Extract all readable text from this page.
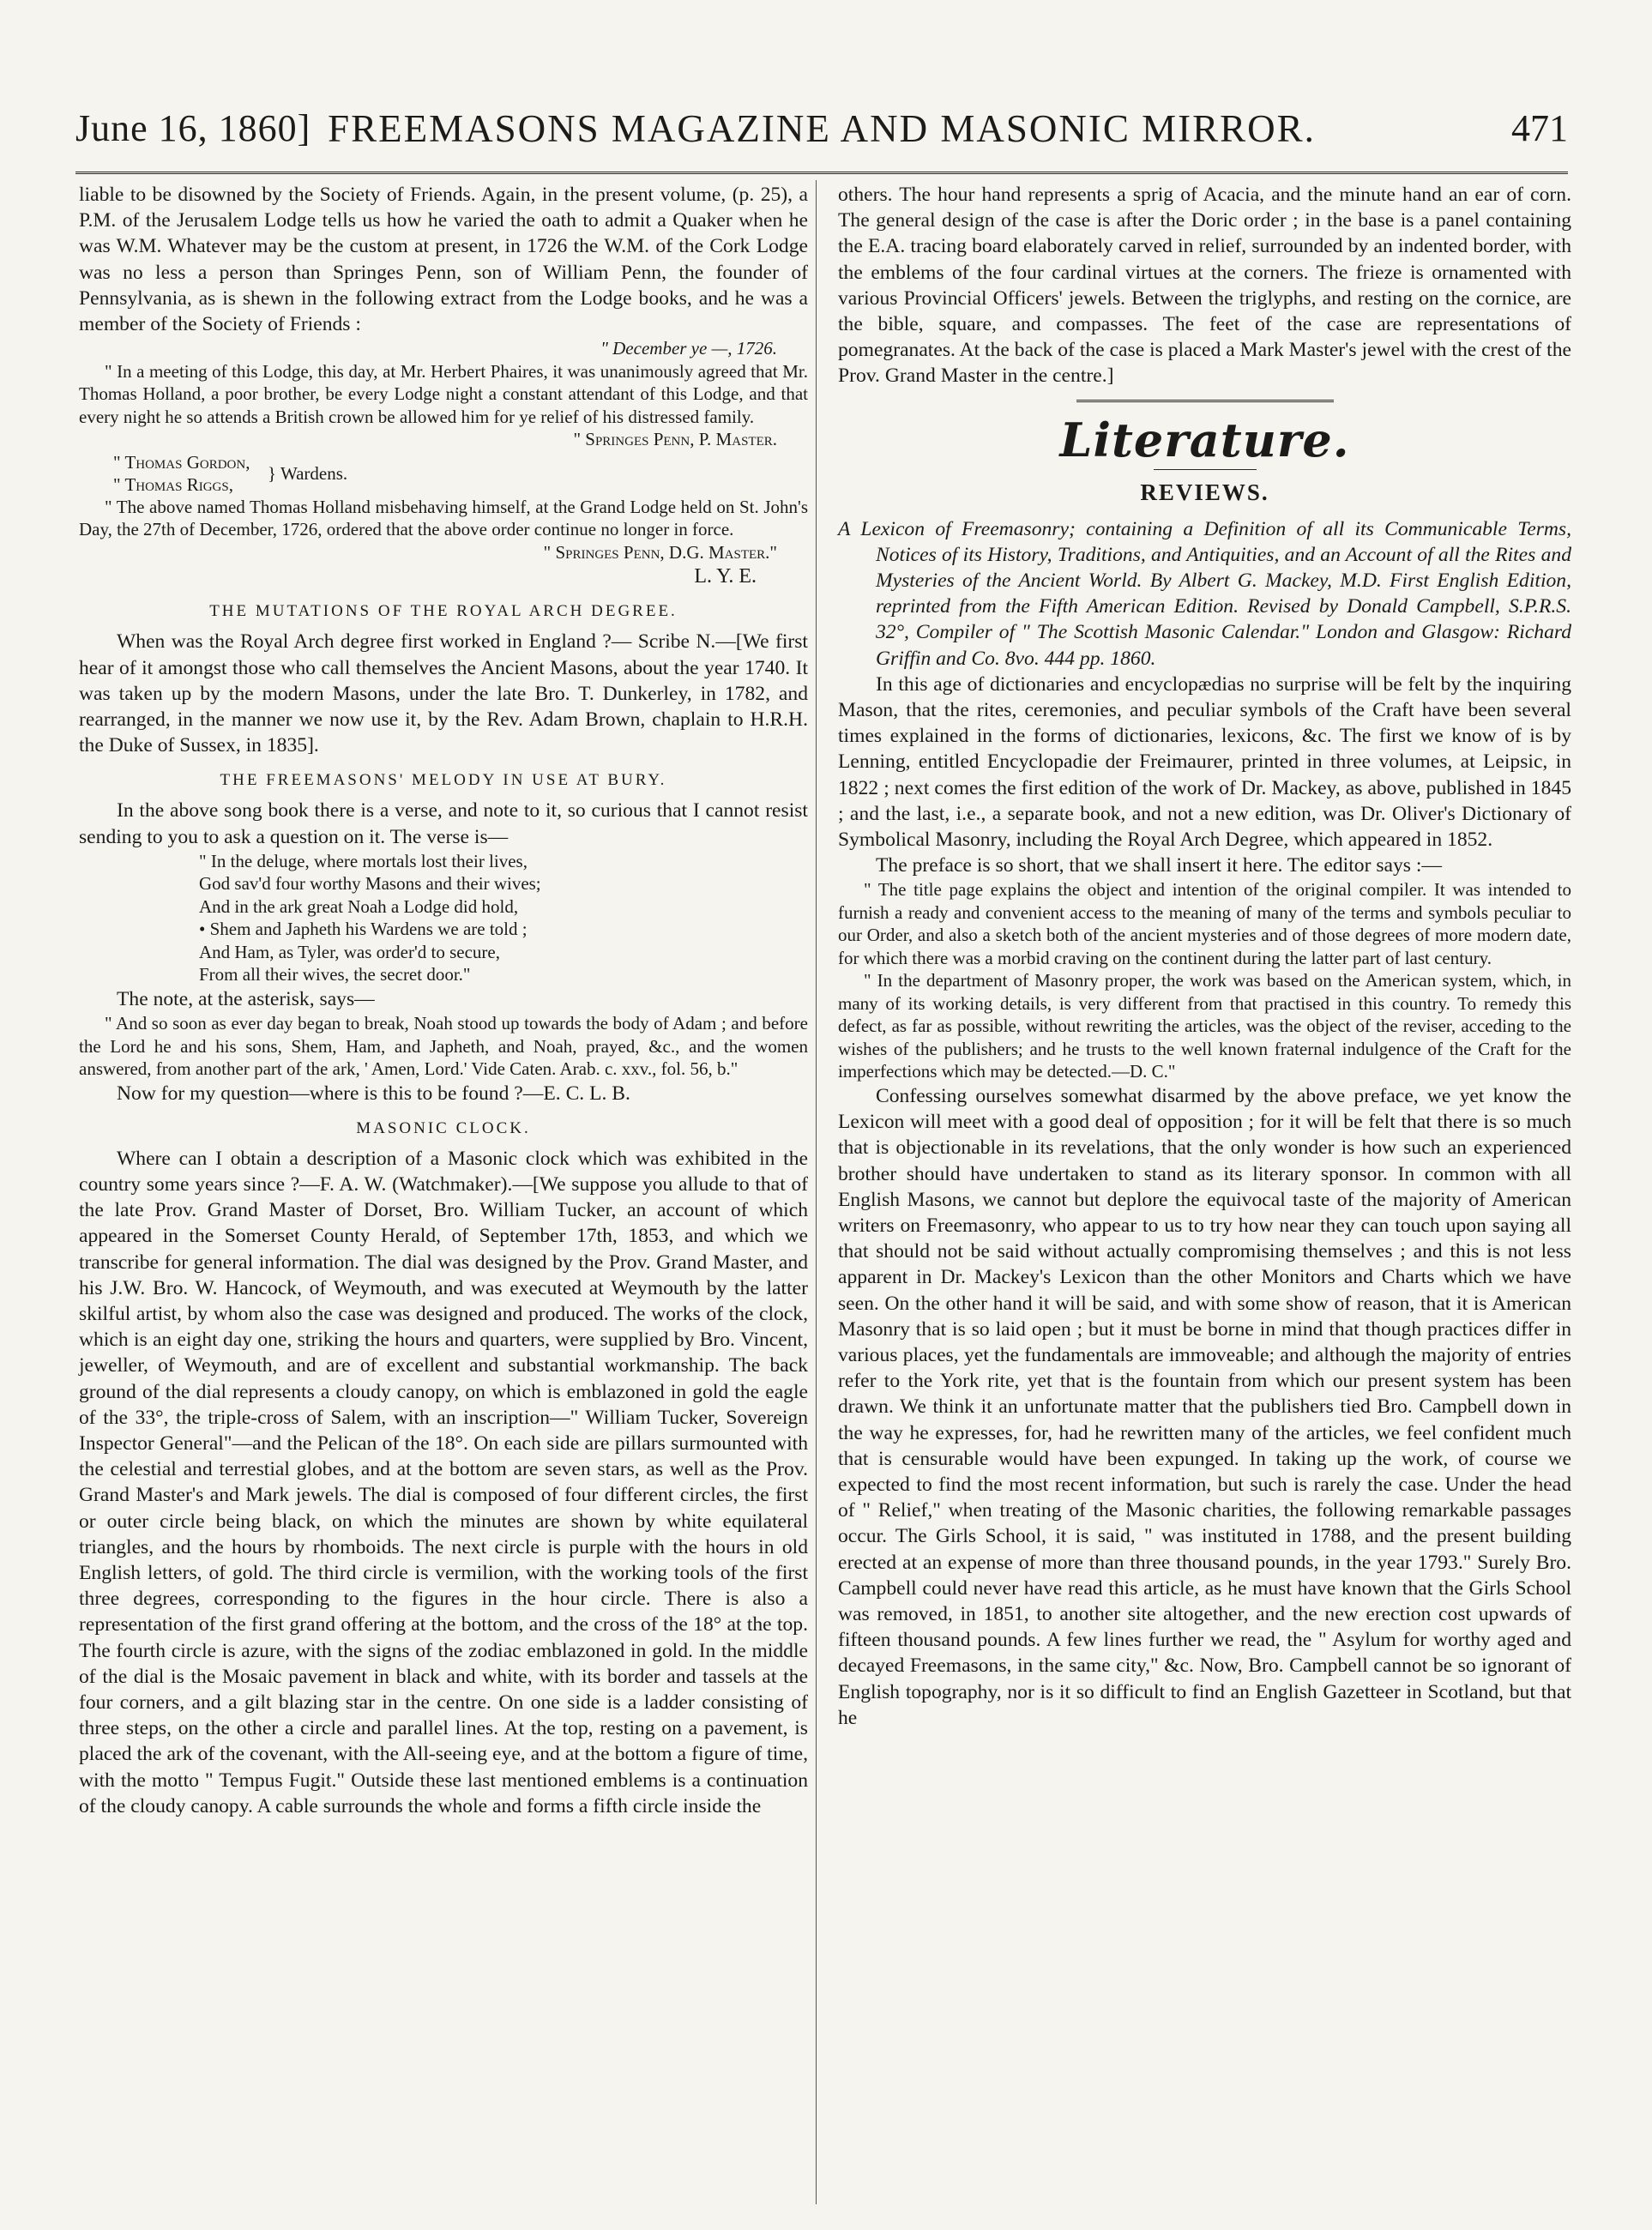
June 16, 1860] FREEMASONS MAGAZINE AND MASONIC MIRROR.	471

liable to be disowned by the Society of Friends. Again, in the present volume, (p. 25), a P.M. of the Jerusalem Lodge tells us how he varied the oath to admit a Quaker when he was W.M. Whatever may be the custom at present, in 1726 the W.M. of the Cork Lodge was no less a person than Springes Penn, son of William Penn, the founder of Pennsylvania, as is shewn in the following extract from the Lodge books, and he was a member of the Society of Friends :

" December ye —, 1726.

" In a meeting of this Lodge, this day, at Mr. Herbert Phaires, it was unanimously agreed that Mr. Thomas Holland, a poor brother, be every Lodge night a constant attendant of this Lodge, and that every night he so attends a British crown be allowed him for ye relief of his distressed family.

" Springes Penn, P. Master.

" Thomas Gordon,
" Thomas Riggs,
} Wardens.

" The above named Thomas Holland misbehaving himself, at the Grand Lodge held on St. John's Day, the 27th of December, 1726, ordered that the above order continue no longer in force.

" Springes Penn, D.G. Master."

L. Y. E.

THE MUTATIONS OF THE ROYAL ARCH DEGREE.

When was the Royal Arch degree first worked in England ?— Scribe N.—[We first hear of it amongst those who call themselves the Ancient Masons, about the year 1740. It was taken up by the modern Masons, under the late Bro. T. Dunkerley, in 1782, and rearranged, in the manner we now use it, by the Rev. Adam Brown, chaplain to H.R.H. the Duke of Sussex, in 1835].

THE FREEMASONS' MELODY IN USE AT BURY.

In the above song book there is a verse, and note to it, so curious that I cannot resist sending to you to ask a question on it. The verse is—

" In the deluge, where mortals lost their lives,
God sav'd four worthy Masons and their wives;
And in the ark great Noah a Lodge did hold,
• Shem and Japheth his Wardens we are told ;
And Ham, as Tyler, was order'd to secure,
From all their wives, the secret door."

The note, at the asterisk, says—

" And so soon as ever day began to break, Noah stood up towards the body of Adam ; and before the Lord he and his sons, Shem, Ham, and Japheth, and Noah, prayed, &c., and the women answered, from another part of the ark, ' Amen, Lord.' Vide Caten. Arab. c. xxv., fol. 56, b."

Now for my question—where is this to be found ?—E. C. L. B.

MASONIC CLOCK.

Where can I obtain a description of a Masonic clock which was exhibited in the country some years since ?—F. A. W. (Watchmaker).—[We suppose you allude to that of the late Prov. Grand Master of Dorset, Bro. William Tucker, an account of which appeared in the Somerset County Herald, of September 17th, 1853, and which we transcribe for general information. The dial was designed by the Prov. Grand Master, and his J.W. Bro. W. Hancock, of Weymouth, and was executed at Weymouth by the latter skilful artist, by whom also the case was designed and produced. The works of the clock, which is an eight day one, striking the hours and quarters, were supplied by Bro. Vincent, jeweller, of Weymouth, and are of excellent and substantial workmanship. The back ground of the dial represents a cloudy canopy, on which is emblazoned in gold the eagle of the 33°, the triple-cross of Salem, with an inscription—" William Tucker, Sovereign Inspector General"—and the Pelican of the 18°. On each side are pillars surmounted with the celestial and terrestial globes, and at the bottom are seven stars, as well as the Prov. Grand Master's and Mark jewels. The dial is composed of four different circles, the first or outer circle being black, on which the minutes are shown by white equilateral triangles, and the hours by rhomboids. The next circle is purple with the hours in old English letters, of gold. The third circle is vermilion, with the working tools of the first three degrees, corresponding to the figures in the hour circle. There is also a representation of the first grand offering at the bottom, and the cross of the 18° at the top. The fourth circle is azure, with the signs of the zodiac emblazoned in gold. In the middle of the dial is the Mosaic pavement in black and white, with its border and tassels at the four corners, and a gilt blazing star in the centre. On one side is a ladder consisting of three steps, on the other a circle and parallel lines. At the top, resting on a pavement, is placed the ark of the covenant, with the All-seeing eye, and at the bottom a figure of time, with the motto " Tempus Fugit." Outside these last mentioned emblems is a continuation of the cloudy canopy. A cable surrounds the whole and forms a fifth circle inside the

others. The hour hand represents a sprig of Acacia, and the minute hand an ear of corn. The general design of the case is after the Doric order ; in the base is a panel containing the E.A. tracing board elaborately carved in relief, surrounded by an indented border, with the emblems of the four cardinal virtues at the corners. The frieze is ornamented with various Provincial Officers' jewels. Between the triglyphs, and resting on the cornice, are the bible, square, and compasses. The feet of the case are representations of pomegranates. At the back of the case is placed a Mark Master's jewel with the crest of the Prov. Grand Master in the centre.]

Literature.
REVIEWS.

A Lexicon of Freemasonry; containing a Definition of all its Communicable Terms, Notices of its History, Traditions, and Antiquities, and an Account of all the Rites and Mysteries of the Ancient World. By Albert G. Mackey, M.D. First English Edition, reprinted from the Fifth American Edition. Revised by Donald Campbell, S.P.R.S. 32°, Compiler of " The Scottish Masonic Calendar." London and Glasgow: Richard Griffin and Co. 8vo. 444 pp. 1860.

In this age of dictionaries and encyclopædias no surprise will be felt by the inquiring Mason, that the rites, ceremonies, and peculiar symbols of the Craft have been several times explained in the forms of dictionaries, lexicons, &c. The first we know of is by Lenning, entitled Encyclopadie der Freimaurer, printed in three volumes, at Leipsic, in 1822 ; next comes the first edition of the work of Dr. Mackey, as above, published in 1845 ; and the last, i.e., a separate book, and not a new edition, was Dr. Oliver's Dictionary of Symbolical Masonry, including the Royal Arch Degree, which appeared in 1852.

The preface is so short, that we shall insert it here. The editor says :—

" The title page explains the object and intention of the original compiler. It was intended to furnish a ready and convenient access to the meaning of many of the terms and symbols peculiar to our Order, and also a sketch both of the ancient mysteries and of those degrees of more modern date, for which there was a morbid craving on the continent during the latter part of last century.

" In the department of Masonry proper, the work was based on the American system, which, in many of its working details, is very different from that practised in this country. To remedy this defect, as far as possible, without rewriting the articles, was the object of the reviser, acceding to the wishes of the publishers; and he trusts to the well known fraternal indulgence of the Craft for the imperfections which may be detected.—D. C."

Confessing ourselves somewhat disarmed by the above preface, we yet know the Lexicon will meet with a good deal of opposition ; for it will be felt that there is so much that is objectionable in its revelations, that the only wonder is how such an experienced brother should have undertaken to stand as its literary sponsor. In common with all English Masons, we cannot but deplore the equivocal taste of the majority of American writers on Freemasonry, who appear to us to try how near they can touch upon saying all that should not be said without actually compromising themselves ; and this is not less apparent in Dr. Mackey's Lexicon than the other Monitors and Charts which we have seen. On the other hand it will be said, and with some show of reason, that it is American Masonry that is so laid open ; but it must be borne in mind that though practices differ in various places, yet the fundamentals are immoveable; and although the majority of entries refer to the York rite, yet that is the fountain from which our present system has been drawn. We think it an unfortunate matter that the publishers tied Bro. Campbell down in the way he expresses, for, had he rewritten many of the articles, we feel confident much that is censurable would have been expunged. In taking up the work, of course we expected to find the most recent information, but such is rarely the case. Under the head of " Relief," when treating of the Masonic charities, the following remarkable passages occur. The Girls School, it is said, " was instituted in 1788, and the present building erected at an expense of more than three thousand pounds, in the year 1793." Surely Bro. Campbell could never have read this article, as he must have known that the Girls School was removed, in 1851, to another site altogether, and the new erection cost upwards of fifteen thousand pounds. A few lines further we read, the " Asylum for worthy aged and decayed Freemasons, in the same city," &c. Now, Bro. Campbell cannot be so ignorant of English topography, nor is it so difficult to find an English Gazetteer in Scotland, but that he
